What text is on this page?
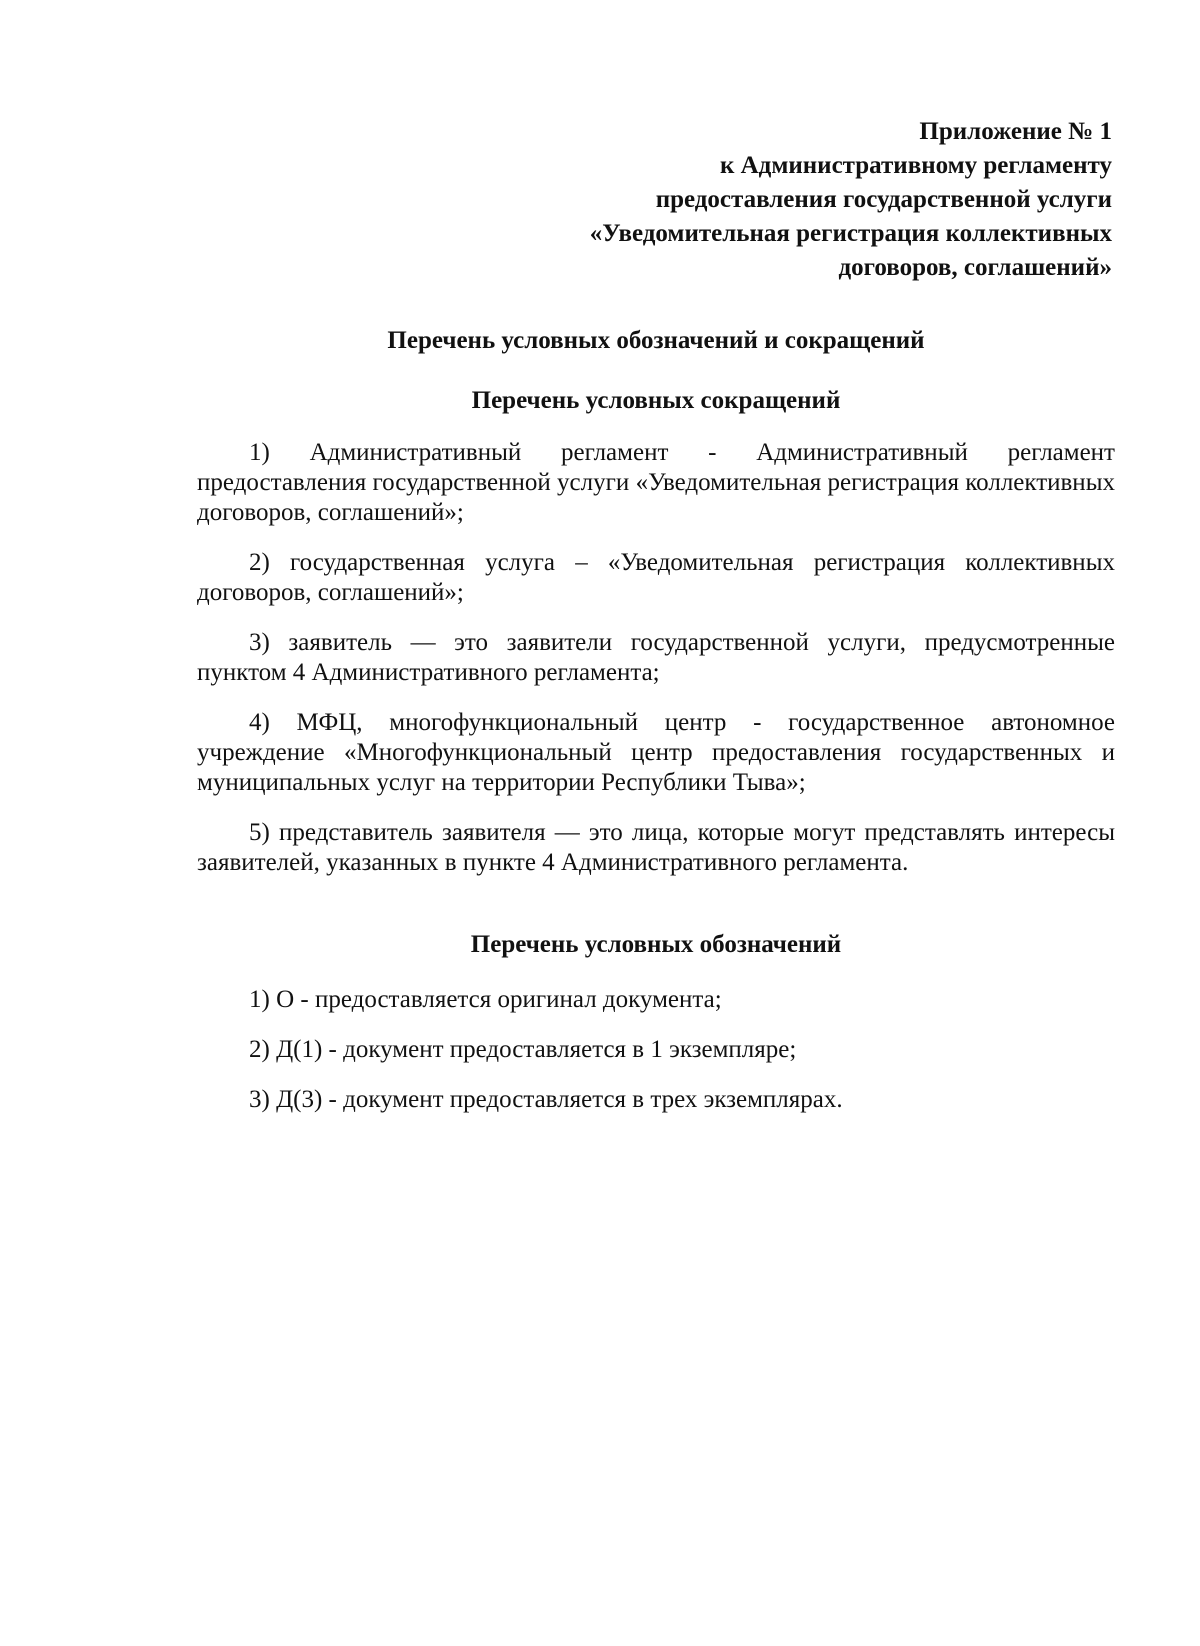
Приложение № 1
к Административному регламенту
предоставления государственной услуги
«Уведомительная регистрация коллективных
договоров, соглашений»
Перечень условных обозначений и сокращений
Перечень условных сокращений
1) Административный регламент - Административный регламент предоставления государственной услуги «Уведомительная регистрация коллективных договоров, соглашений»;
2) государственная услуга – «Уведомительная регистрация коллективных договоров, соглашений»;
3) заявитель — это заявители государственной услуги, предусмотренные пунктом 4 Административного регламента;
4) МФЦ, многофункциональный центр - государственное автономное учреждение «Многофункциональный центр предоставления государственных и муниципальных услуг на территории Республики Тыва»;
5) представитель заявителя — это лица, которые могут представлять интересы заявителей, указанных в пункте 4 Административного регламента.
Перечень условных обозначений
1) О - предоставляется оригинал документа;
2) Д(1) - документ предоставляется в 1 экземпляре;
3) Д(3) - документ предоставляется в трех экземплярах.
